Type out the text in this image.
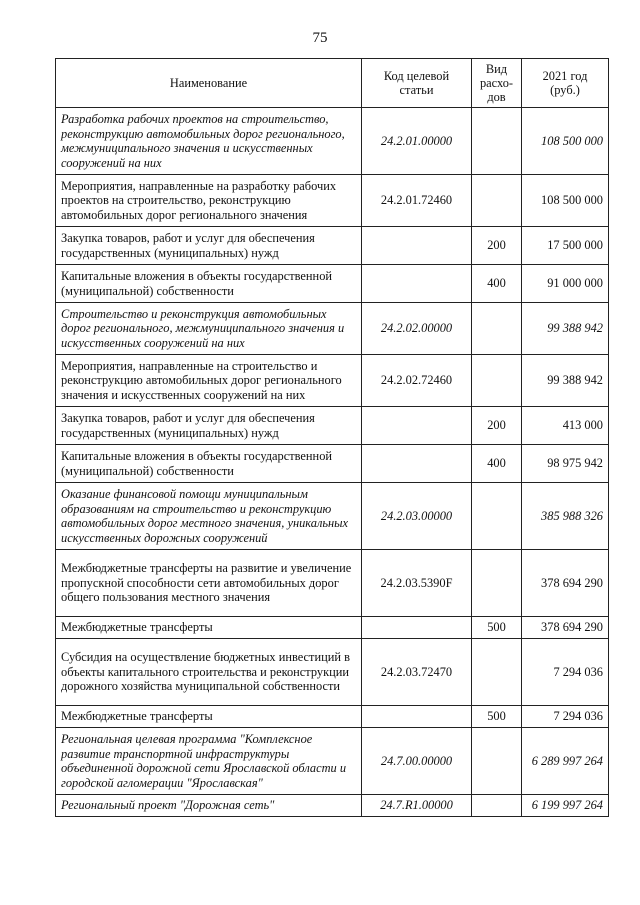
75
Наименование	Код целевой статьи	Вид расхо-дов	2021 год (руб.)
Разработка рабочих проектов на строительство, реконструкцию автомобильных дорог регионального, межмуниципального значения и искусственных сооружений на них	24.2.01.00000		108 500 000
Мероприятия, направленные на разработку рабочих проектов на строительство, реконструкцию автомобильных дорог регионального значения	24.2.01.72460		108 500 000
Закупка товаров, работ и услуг для обеспечения государственных (муниципальных) нужд		200	17 500 000
Капитальные вложения в объекты государственной (муниципальной) собственности		400	91 000 000
Строительство и реконструкция автомобильных дорог регионального, межмуниципального значения и искусственных сооружений на них	24.2.02.00000		99 388 942
Мероприятия, направленные на строительство и реконструкцию автомобильных дорог регионального значения и искусственных сооружений на них	24.2.02.72460		99 388 942
Закупка товаров, работ и услуг для обеспечения государственных (муниципальных) нужд		200	413 000
Капитальные вложения в объекты государственной (муниципальной) собственности		400	98 975 942
Оказание финансовой помощи муниципальным образованиям на строительство и реконструкцию автомобильных дорог местного значения, уникальных искусственных дорожных сооружений	24.2.03.00000		385 988 326
Межбюджетные трансферты на развитие и увеличение пропускной способности сети автомобильных дорог общего пользования местного значения	24.2.03.5390F		378 694 290
Межбюджетные трансферты		500	378 694 290
Субсидия на осуществление бюджетных инвестиций в объекты капитального строительства и реконструкции дорожного хозяйства муниципальной собственности	24.2.03.72470		7 294 036
Межбюджетные трансферты		500	7 294 036
Региональная целевая программа "Комплексное развитие транспортной инфраструктуры объединенной дорожной сети Ярославской области и городской агломерации "Ярославская"	24.7.00.00000		6 289 997 264
Региональный проект "Дорожная сеть"	24.7.R1.00000		6 199 997 264
